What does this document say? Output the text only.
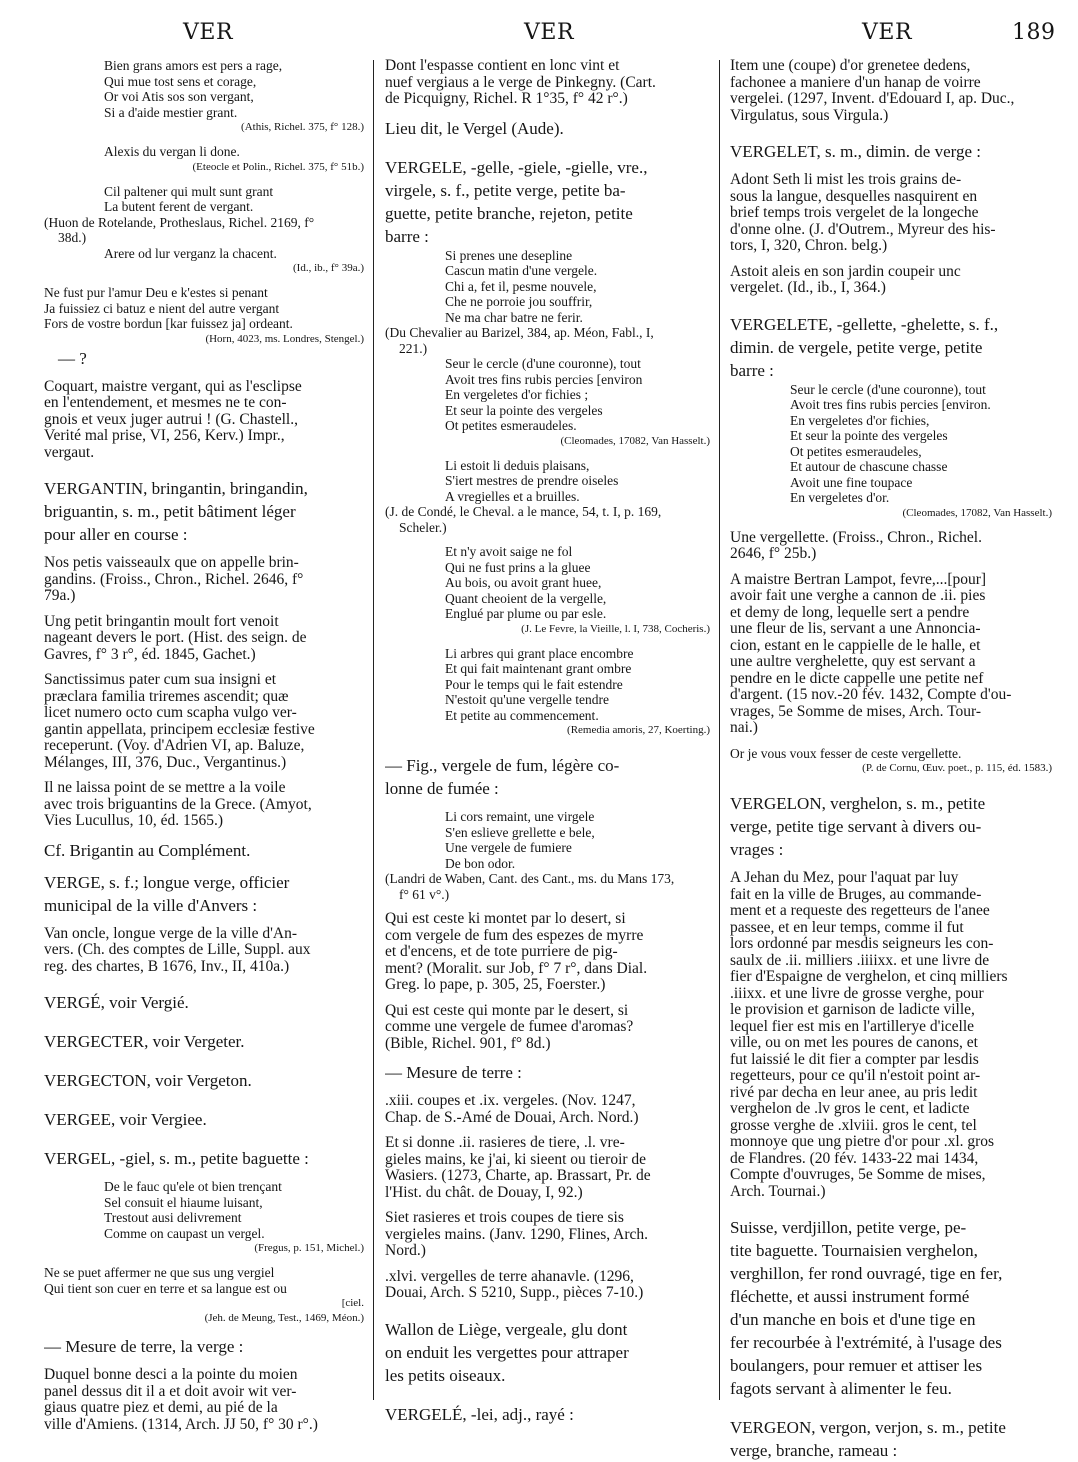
VER	VER	VER	189
Bien grans amors est pers a rage,
Qui mue tost sens et corage,
Or voi Atis sos son vergant,
Si a d'aide mestier grant.
(Athis, Richel. 375, f° 128.)
Alexis du vergan li done.
(Eteocle et Polin., Richel. 375, f° 51b.)
Cil paltener qui mult sunt grant
La butent ferent de vergant.
(Huon de Rotelande, Protheslaus, Richel. 2169, f°
38d.)
Arere od lur verganz la chacent.
(Id., ib., f° 39a.)
Ne fust pur l'amur Deu e k'estes si penant
Ja fuissiez ci batuz e nient del autre vergant
Fors de vostre bordun [kar fuissez ja] ordeant.
(Horn, 4023, ms. Londres, Stengel.)
— ?
Coquart, maistre vergant, qui as l'esclipse
en l'entendement, et mesmes ne te con-
gnois et veux juger autrui ! (G. Chastell.,
Verité mal prise, VI, 256, Kerv.) Impr.,
vergaut.
VERGANTIN, bringantin, bringandin,
briguantin, s. m., petit bâtiment léger
pour aller en course :
Nos petis vaisseaulx que on appelle brin-
gandins. (Froiss., Chron., Richel. 2646, f°
79a.)
Ung petit bringantin moult fort venoit
nageant devers le port. (Hist. des seign. de
Gavres, f° 3 r°, éd. 1845, Gachet.)
Sanctissimus pater cum sua insigni et
præclara familia triremes ascendit; quæ
licet numero octo cum scapha vulgo ver-
gantin appellata, principem ecclesiæ festive
receperunt. (Voy. d'Adrien VI, ap. Baluze,
Mélanges, III, 376, Duc., Vergantinus.)
Il ne laissa point de se mettre a la voile
avec trois briguantins de la Grece. (Amyot,
Vies Lucullus, 10, éd. 1565.)
Cf. Brigantin au Complément.
VERGE, s. f.; longue verge, officier
municipal de la ville d'Anvers :
Van oncle, longue verge de la ville d'An-
vers. (Ch. des comptes de Lille, Suppl. aux
reg. des chartes, B 1676, Inv., II, 410a.)
VERGÉ, voir Vergié.
VERGECTER, voir Vergeter.
VERGECTON, voir Vergeton.
VERGEE, voir Vergiee.
VERGEL, -giel, s. m., petite baguette :
De le fauc qu'ele ot bien trençant
Sel consuit el hiaume luisant,
Trestout ausi delivrement
Comme on caupast un vergel.
(Fregus, p. 151, Michel.)
Ne se puet affermer ne que sus ung vergiel
Qui tient son cuer en terre et sa langue est ou
[ciel.
(Jeh. de Meung, Test., 1469, Méon.)
— Mesure de terre, la verge :
Duquel bonne desci a la pointe du moien
panel dessus dit il a et doit avoir wit ver-
giaus quatre piez et demi, au pié de la
ville d'Amiens. (1314, Arch. JJ 50, f° 30 r°.)
Dont l'espasse contient en lonc vint et
nuef vergiaus a le verge de Pinkegny. (Cart.
de Picquigny, Richel. R 1°35, f° 42 r°.)
Lieu dit, le Vergel (Aude).
VERGELE, -gelle, -giele, -gielle, vre.,
virgele, s. f., petite verge, petite ba-
guette, petite branche, rejeton, petite
barre :
Si prenes une desepline
Cascun matin d'une vergele.
Chi a, fet il, pesme nouvele,
Che ne porroie jou souffrir,
Ne ma char batre ne ferir.
(Du Chevalier au Barizel, 384, ap. Méon, Fabl., I,
221.)
Seur le cercle (d'une couronne), tout
Avoit tres fins rubis percies [environ
En vergeletes d'or fichies ;
Et seur la pointe des vergeles
Ot petites esmeraudeles.
(Cleomades, 17082, Van Hasselt.)
Li estoit li deduis plaisans,
S'iert mestres de prendre oiseles
A vregielles et a bruilles.
(J. de Condé, le Cheval. a le mance, 54, t. I, p. 169,
Scheler.)
Et n'y avoit saige ne fol
Qui ne fust prins a la gluee
Au bois, ou avoit grant huee,
Quant cheoient de la vergelle,
Englué par plume ou par esle.
(J. Le Fevre, la Vieille, l. I, 738, Cocheris.)
Li arbres qui grant place encombre
Et qui fait maintenant grant ombre
Pour le temps qui le fait estendre
N'estoit qu'une vergelle tendre
Et petite au commencement.
(Remedia amoris, 27, Koerting.)
— Fig., vergele de fum, légère co-
lonne de fumée :
Li cors remaint, une virgele
S'en eslieve grellette e bele,
Une vergele de fumiere
De bon odor.
(Landri de Waben, Cant. des Cant., ms. du Mans 173,
f° 61 v°.)
Qui est ceste ki montet par lo desert, si
com vergele de fum des espezes de myrre
et d'encens, et de tote purriere de pig-
ment? (Moralit. sur Job, f° 7 r°, dans Dial.
Greg. lo pape, p. 305, 25, Foerster.)
Qui est ceste qui monte par le desert, si
comme une vergele de fumee d'aromas?
(Bible, Richel. 901, f° 8d.)
— Mesure de terre :
.xiii. coupes et .ix. vergeles. (Nov. 1247,
Chap. de S.-Amé de Douai, Arch. Nord.)
Et si donne .ii. rasieres de tiere, .l. vre-
gieles mains, ke j'ai, ki sieent ou tieroir de
Wasiers. (1273, Charte, ap. Brassart, Pr. de
l'Hist. du chât. de Douay, I, 92.)
Siet rasieres et trois coupes de tiere sis
vergieles mains. (Janv. 1290, Flines, Arch.
Nord.)
.xlvi. vergelles de terre ahanavle. (1296,
Douai, Arch. S 5210, Supp., pièces 7-10.)
Wallon de Liège, vergeale, glu dont
on enduit les vergettes pour attraper
les petits oiseaux.
VERGELÉ, -lei, adj., rayé :
Item une (coupe) d'or grenetee dedens,
fachonee a maniere d'un hanap de voirre
vergelei. (1297, Invent. d'Edouard I, ap. Duc.,
Virgulatus, sous Virgula.)
VERGELET, s. m., dimin. de verge :
Adont Seth li mist les trois grains de-
sous la langue, desquelles nasquirent en
brief temps trois vergelet de la longeche
d'onne olne. (J. d'Outrem., Myreur des his-
tors, I, 320, Chron. belg.)
Astoit aleis en son jardin coupeir unc
vergelet. (Id., ib., I, 364.)
VERGELETE, -gellette, -ghelette, s. f.,
dimin. de vergele, petite verge, petite
barre :
Seur le cercle (d'une couronne), tout
Avoit tres fins rubis percies [environ.
En vergeletes d'or fichies,
Et seur la pointe des vergeles
Ot petites esmeraudeles,
Et autour de chascune chasse
Avoit une fine toupace
En vergeletes d'or.
(Cleomades, 17082, Van Hasselt.)
Une vergellette. (Froiss., Chron., Richel.
2646, f° 25b.)
A maistre Bertran Lampot, fevre,...[pour]
avoir fait une verghe a cannon de .ii. pies
et demy de long, lequelle sert a pendre
une fleur de lis, servant a une Annoncia-
cion, estant en le cappielle de le halle, et
une aultre verghelette, quy est servant a
pendre en le dicte cappelle une petite nef
d'argent. (15 nov.-20 fév. 1432, Compte d'ou-
vrages, 5e Somme de mises, Arch. Tour-
nai.)
Or je vous voux fesser de ceste vergellette.
(P. de Cornu, Œuv. poet., p. 115, éd. 1583.)
VERGELON, verghelon, s. m., petite
verge, petite tige servant à divers ou-
vrages :
A Jehan du Mez, pour l'aquat par luy
fait en la ville de Bruges, au commande-
ment et a requeste des regetteurs de l'anee
passee, et en leur temps, comme il fut
lors ordonné par mesdis seigneurs les con-
saulx de .ii. milliers .iiiixx. et une livre de
fier d'Espaigne de verghelon, et cinq milliers
.iiixx. et une livre de grosse verghe, pour
le provision et garnison de ladicte ville,
lequel fier est mis en l'artillerye d'icelle
ville, ou on met les poures de canons, et
fut laissié le dit fier a compter par lesdis
regetteurs, pour ce qu'il n'estoit point ar-
rivé par decha en leur anee, au pris ledit
verghelon de .lv gros le cent, et ladicte
grosse verghe de .xlviii. gros le cent, tel
monnoye que ung pietre d'or pour .xl. gros
de Flandres. (20 fév. 1433-22 mai 1434,
Compte d'ouvruges, 5e Somme de mises,
Arch. Tournai.)
Suisse, verdjillon, petite verge, pe-
tite baguette. Tournaisien verghelon,
verghillon, fer rond ouvragé, tige en fer,
fléchette, et aussi instrument formé
d'un manche en bois et d'une tige en
fer recourbée à l'extrémité, à l'usage des
boulangers, pour remuer et attiser les
fagots servant à alimenter le feu.
VERGEON, vergon, verjon, s. m., petite
verge, branche, rameau :
